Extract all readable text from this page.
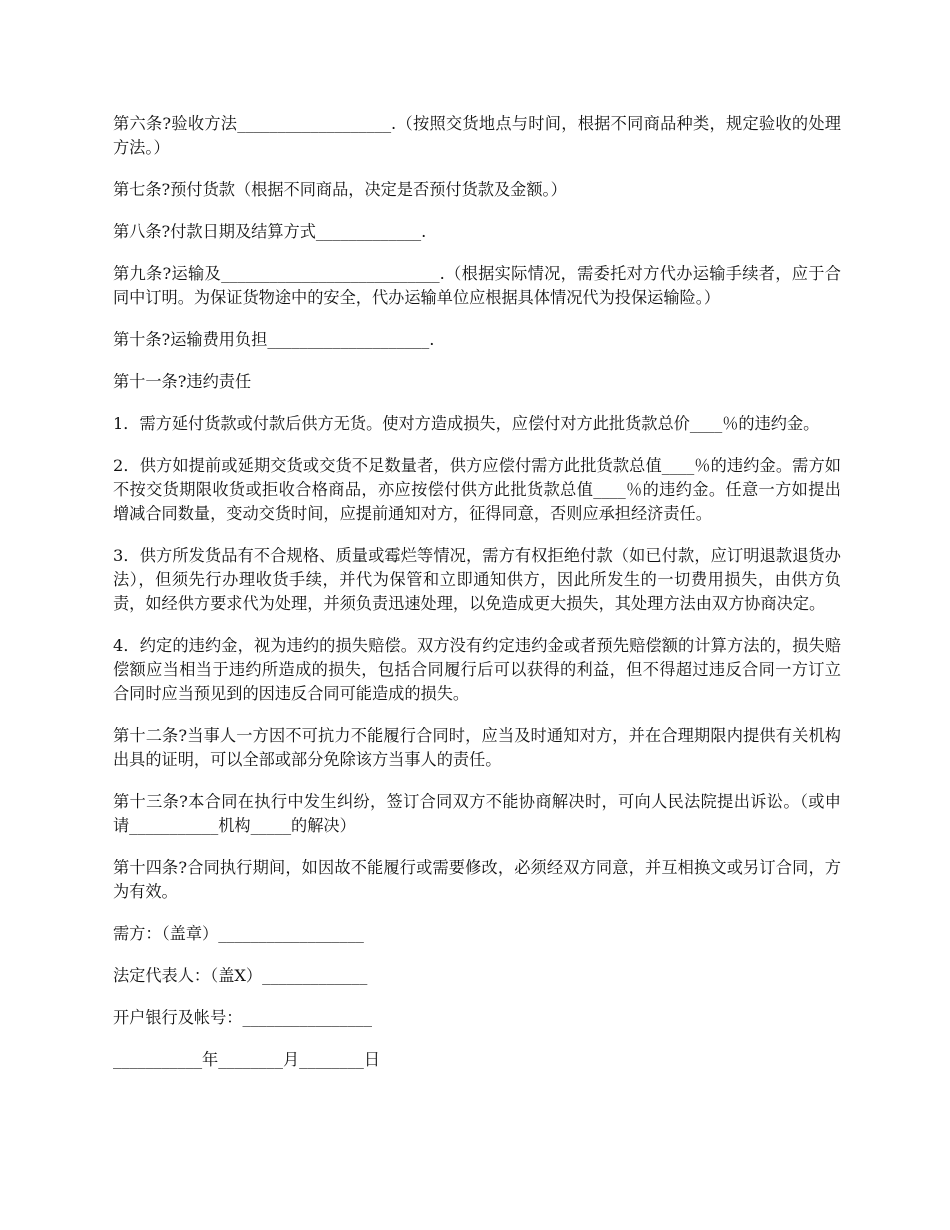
第六条?验收方法___________________.（按照交货地点与时间，根据不同商品种类，规定验收的处理方法。）

第七条?预付货款（根据不同商品，决定是否预付货款及金额。）

第八条?付款日期及结算方式_____________.

第九条?运输及___________________________.（根据实际情况，需委托对方代办运输手续者，应于合同中订明。为保证货物途中的安全，代办运输单位应根据具体情况代为投保运输险。）

第十条?运输费用负担____________________.

第十一条?违约责任

1．需方延付货款或付款后供方无货。使对方造成损失，应偿付对方此批货款总价____％的违约金。

2．供方如提前或延期交货或交货不足数量者，供方应偿付需方此批货款总值____％的违约金。需方如不按交货期限收货或拒收合格商品，亦应按偿付供方此批货款总值____％的违约金。任意一方如提出增减合同数量，变动交货时间，应提前通知对方，征得同意，否则应承担经济责任。

3．供方所发货品有不合规格、质量或霉烂等情况，需方有权拒绝付款（如已付款，应订明退款退货办法），但须先行办理收货手续，并代为保管和立即通知供方，因此所发生的一切费用损失，由供方负责，如经供方要求代为处理，并须负责迅速处理，以免造成更大损失，其处理方法由双方协商决定。

4．约定的违约金，视为违约的损失赔偿。双方没有约定违约金或者预先赔偿额的计算方法的，损失赔偿额应当相当于违约所造成的损失，包括合同履行后可以获得的利益，但不得超过违反合同一方订立合同时应当预见到的因违反合同可能造成的损失。

第十二条?当事人一方因不可抗力不能履行合同时，应当及时通知对方，并在合理期限内提供有关机构出具的证明，可以全部或部分免除该方当事人的责任。

第十三条?本合同在执行中发生纠纷，签订合同双方不能协商解决时，可向人民法院提出诉讼。（或申请___________机构_____的解决）

第十四条?合同执行期间，如因故不能履行或需要修改，必须经双方同意，并互相换文或另订合同，方为有效。

需方：（盖章）__________________

法定代表人：（盖X）_____________

开户银行及帐号：________________

___________年________月________日
